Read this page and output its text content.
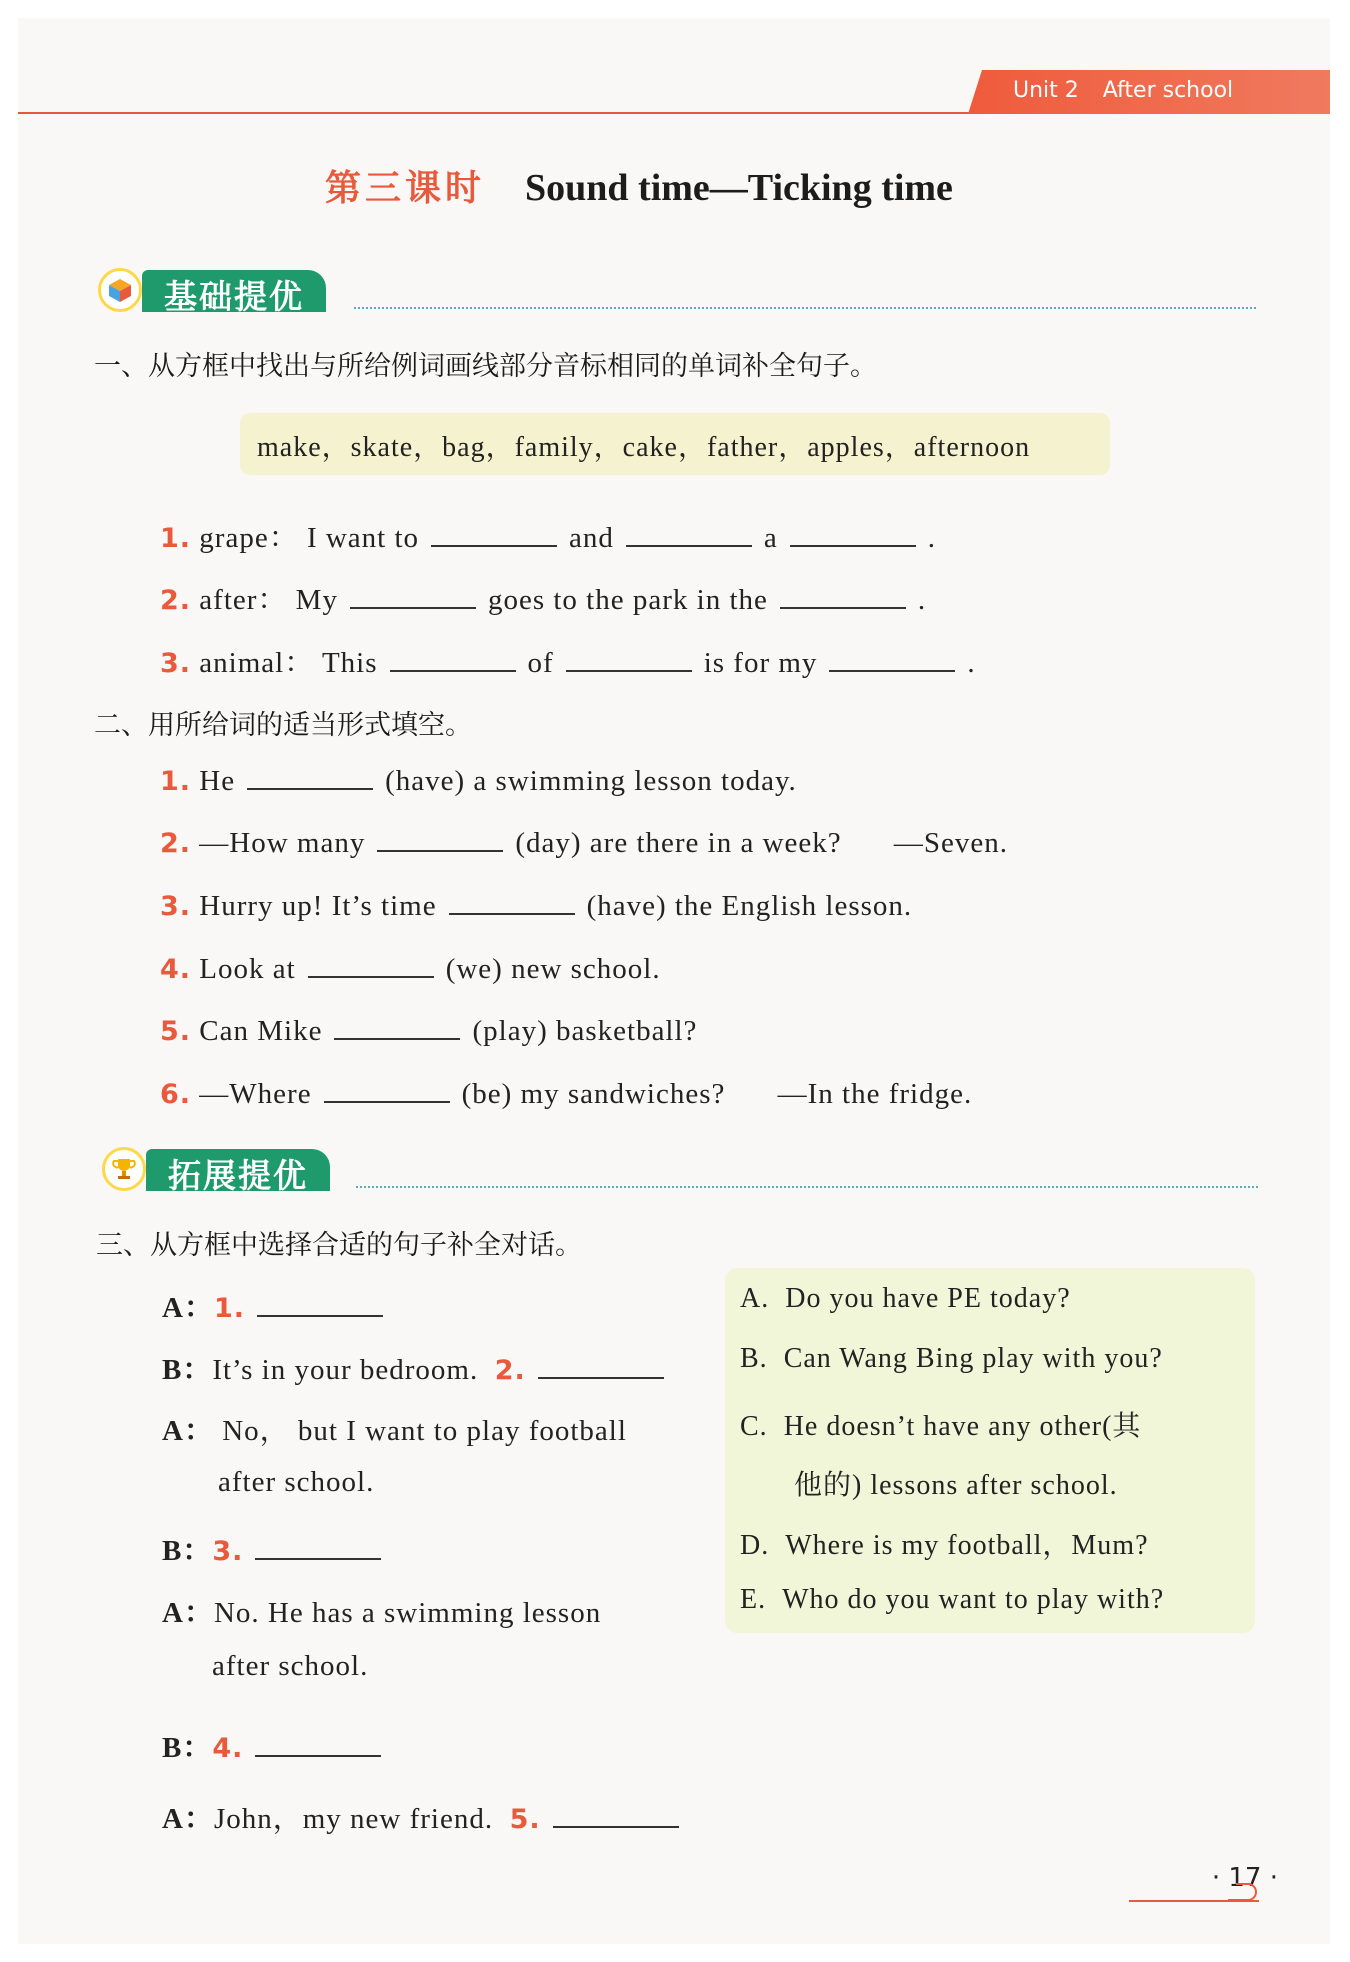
Unit 2 After school
第三课时 Sound time—Ticking time
基础提优
一、从方框中找出与所给例词画线部分音标相同的单词补全句子。
make，skate，bag，family，cake，father，apples，afternoon
1. grape： I want to	and	a	.
2. after： My	goes to the park in the	.
3. animal： This	of	is for my	.
二、用所给词的适当形式填空。
1. He	(have) a swimming lesson today.
2. —How many	(day) are there in a week? —Seven.
3. Hurry up! It’s time	(have) the English lesson.
4. Look at	(we) new school.
5. Can Mike	(play) basketball?
6. —Where	(be) my sandwiches? —In the fridge.
拓展提优
三、从方框中选择合适的句子补全对话。
A. Do you have PE today?
B. Can Wang Bing play with you?
C. He doesn’t have any other(其
他的) lessons after school.
D. Where is my football，Mum?
E. Who do you want to play with?
A：1.
B：It’s in your bedroom. 2.
A： No， but I want to play football
after school.
B：3.
A：No. He has a swimming lesson
after school.
B：4.
A：John，my new friend. 5.
· 17 ·
